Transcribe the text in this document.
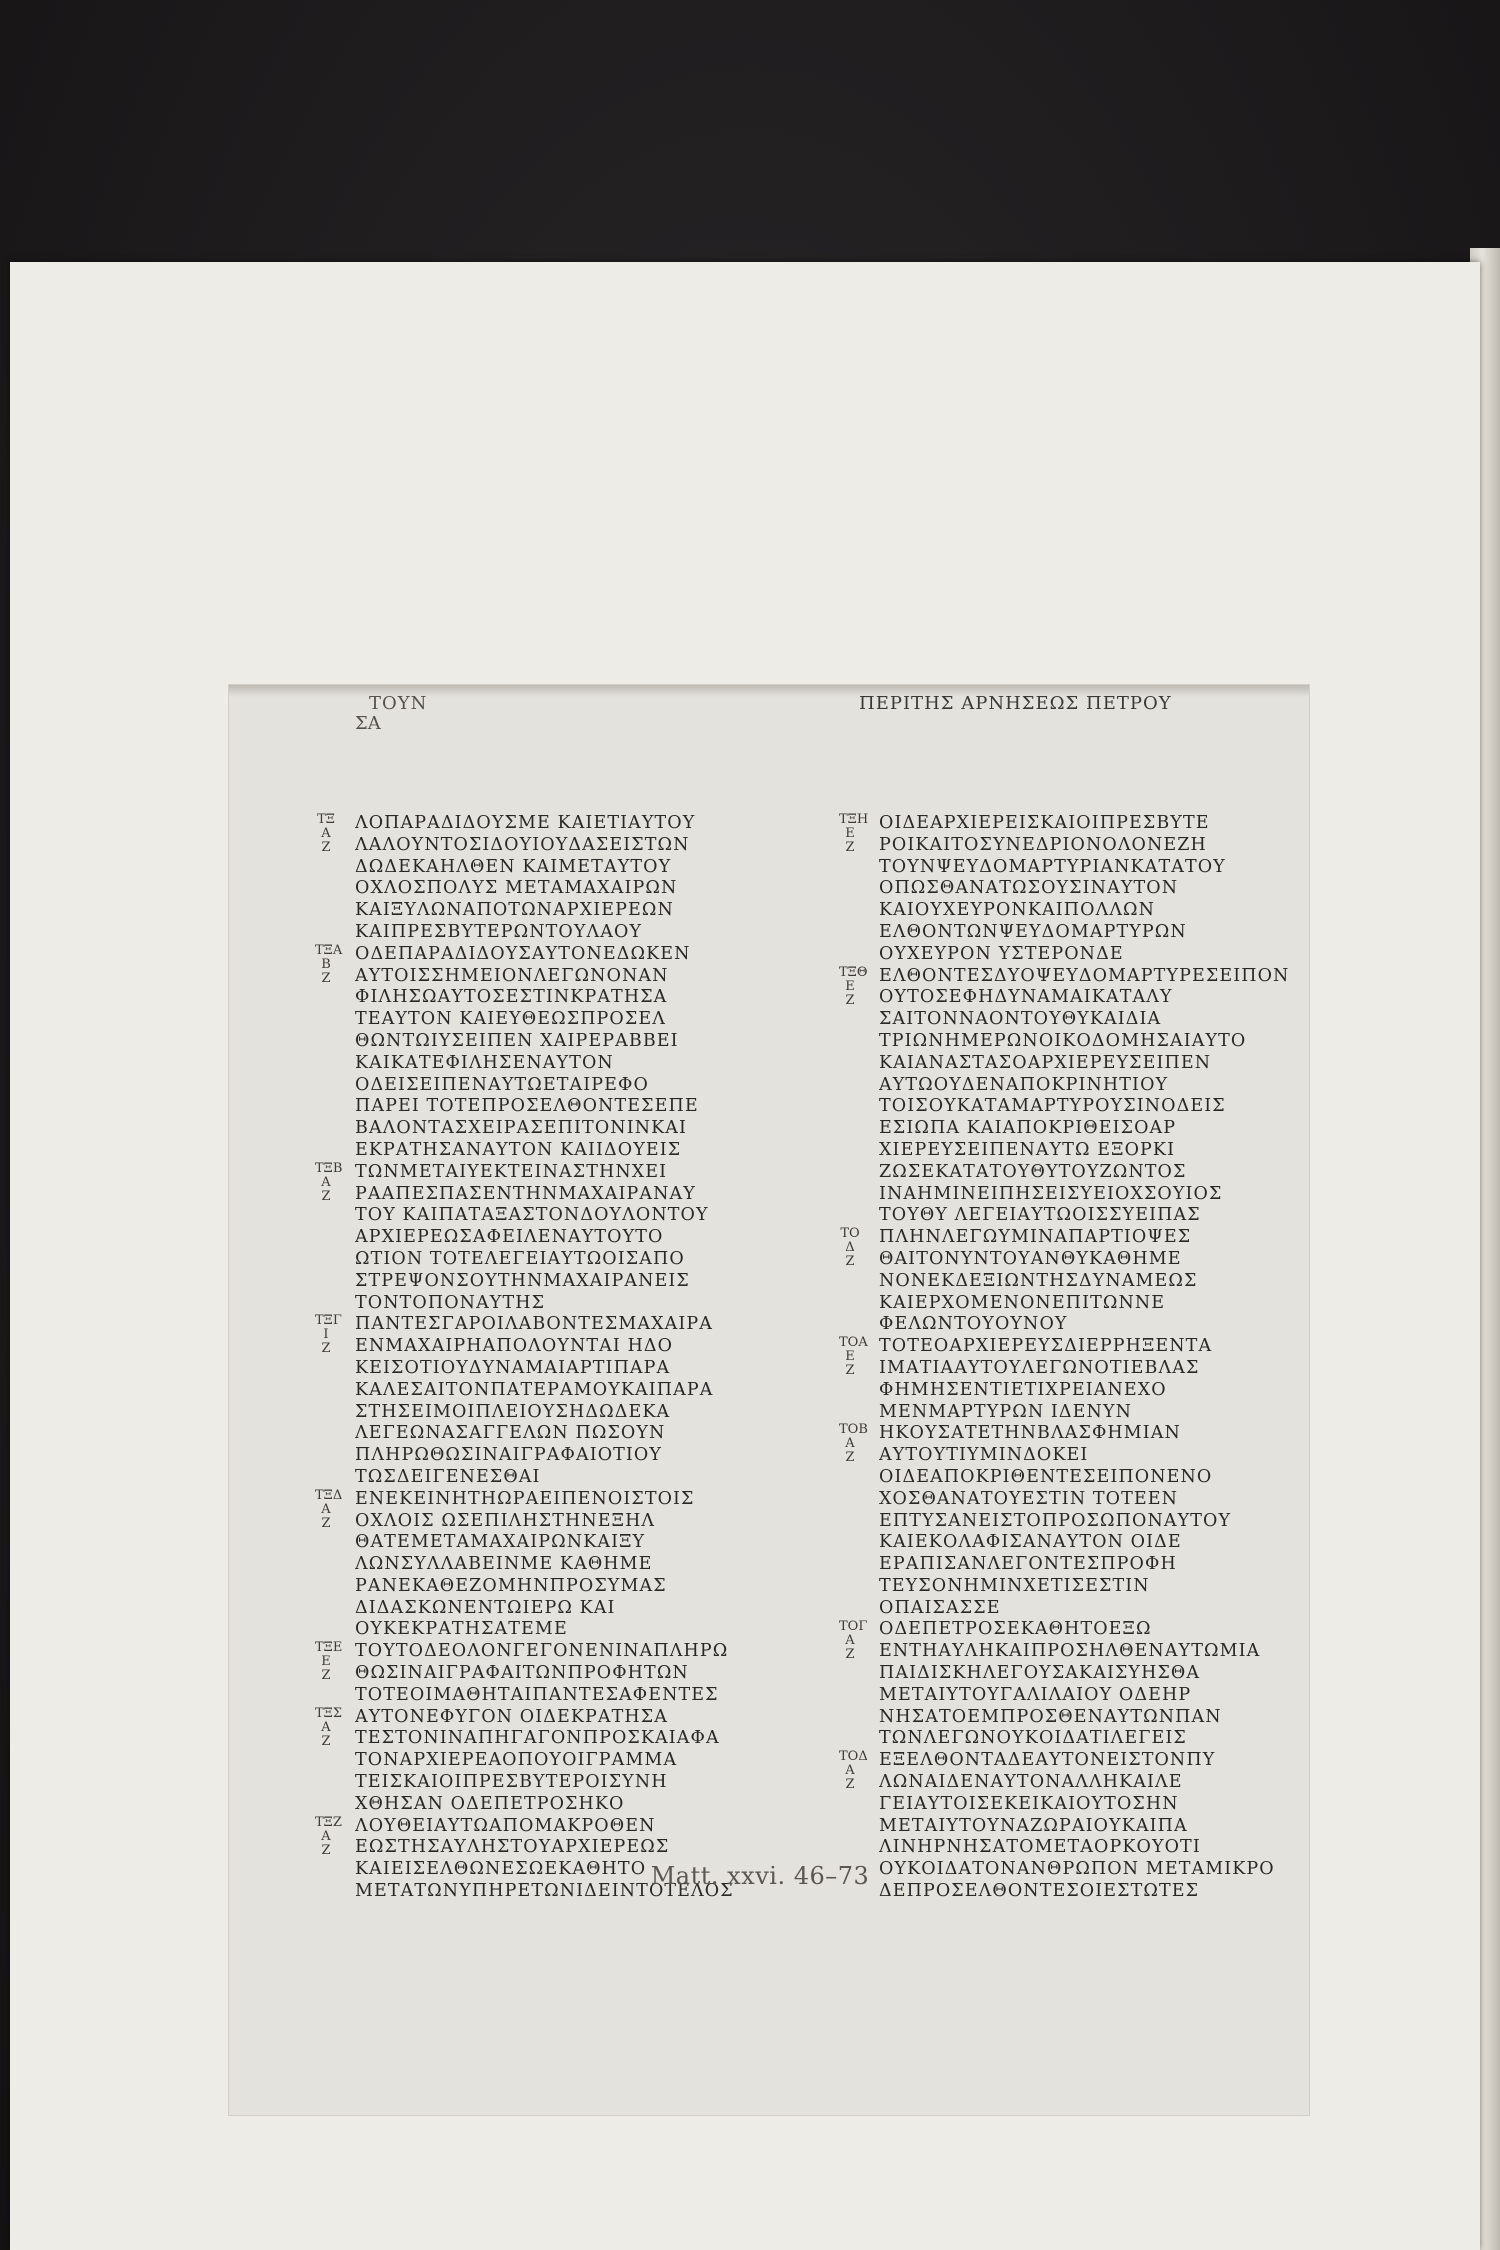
ΤΟΥΝ	ΠΕΡΙΤΗΣ ΑΡΝΗΣΕΩΣ ΠΕΤΡΟΥ
ΣΑ
ΛΟΠΑΡΑΔΙΔΟΥΣΜΕ ΚΑΙΕΤΙΑΥΤΟΥ
ΛΑΛΟΥΝΤΟΣΙΔΟΥΙΟΥΔΑΣΕΙΣΤΩΝ
ΔΩΔΕΚΑΗΛΘΕΝ ΚΑΙΜΕΤΑΥΤΟΥ
ΟΧΛΟΣΠΟΛΥΣ ΜΕΤΑΜΑΧΑΙΡΩΝ
ΚΑΙΞΥΛΩΝΑΠΟΤΩΝΑΡΧΙΕΡΕΩΝ
ΚΑΙΠΡΕΣΒΥΤΕΡΩΝΤΟΥΛΑΟΥ
ΟΔΕΠΑΡΑΔΙΔΟΥΣΑΥΤΟΝΕΔΩΚΕΝ
ΑΥΤΟΙΣΣΗΜΕΙΟΝΛΕΓΩΝΟΝΑΝ
ΦΙΛΗΣΩΑΥΤΟΣΕΣΤΙΝΚΡΑΤΗΣΑ
ΤΕΑΥΤΟΝ ΚΑΙΕΥΘΕΩΣΠΡΟΣΕΛ
ΘΩΝΤΩΙΥΣΕΙΠΕΝ ΧΑΙΡΕΡΑΒΒΕΙ
ΚΑΙΚΑΤΕΦΙΛΗΣΕΝΑΥΤΟΝ
ΟΔΕΙΣΕΙΠΕΝΑΥΤΩΕΤΑΙΡΕΦΟ
ΠΑΡΕΙ ΤΟΤΕΠΡΟΣΕΛΘΟΝΤΕΣΕΠΕ
ΒΑΛΟΝΤΑΣΧΕΙΡΑΣΕΠΙΤΟΝΙΝΚΑΙ
ΕΚΡΑΤΗΣΑΝΑΥΤΟΝ ΚΑΙΙΔΟΥΕΙΣ
ΤΩΝΜΕΤΑΙΥΕΚΤΕΙΝΑΣΤΗΝΧΕΙ
ΡΑΑΠΕΣΠΑΣΕΝΤΗΝΜΑΧΑΙΡΑΝΑΥ
ΤΟΥ ΚΑΙΠΑΤΑΞΑΣΤΟΝΔΟΥΛΟΝΤΟΥ
ΑΡΧΙΕΡΕΩΣΑΦΕΙΛΕΝΑΥΤΟΥΤΟ
ΩΤΙΟΝ ΤΟΤΕΛΕΓΕΙΑΥΤΩΟΙΣΑΠΟ
ΣΤΡΕΨΟΝΣΟΥΤΗΝΜΑΧΑΙΡΑΝΕΙΣ
ΤΟΝΤΟΠΟΝΑΥΤΗΣ
ΠΑΝΤΕΣΓΑΡΟΙΛΑΒΟΝΤΕΣΜΑΧΑΙΡΑ
ΕΝΜΑΧΑΙΡΗΑΠΟΛΟΥΝΤΑΙ ΗΔΟ
ΚΕΙΣΟΤΙΟΥΔΥΝΑΜΑΙΑΡΤΙΠΑΡΑ
ΚΑΛΕΣΑΙΤΟΝΠΑΤΕΡΑΜΟΥΚΑΙΠΑΡΑ
ΣΤΗΣΕΙΜΟΙΠΛΕΙΟΥΣΗΔΩΔΕΚΑ
ΛΕΓΕΩΝΑΣΑΓΓΕΛΩΝ ΠΩΣΟΥΝ
ΠΛΗΡΩΘΩΣΙΝΑΙΓΡΑΦΑΙΟΤΙΟΥ
ΤΩΣΔΕΙΓΕΝΕΣΘΑΙ
ΕΝΕΚΕΙΝΗΤΗΩΡΑΕΙΠΕΝΟΙΣΤΟΙΣ
ΟΧΛΟΙΣ ΩΣΕΠΙΛΗΣΤΗΝΕΞΗΛ
ΘΑΤΕΜΕΤΑΜΑΧΑΙΡΩΝΚΑΙΞΥ
ΛΩΝΣΥΛΛΑΒΕΙΝΜΕ ΚΑΘΗΜΕ
ΡΑΝΕΚΑΘΕΖΟΜΗΝΠΡΟΣΥΜΑΣ
ΔΙΔΑΣΚΩΝΕΝΤΩΙΕΡΩ ΚΑΙ
ΟΥΚΕΚΡΑΤΗΣΑΤΕΜΕ
ΤΟΥΤΟΔΕΟΛΟΝΓΕΓΟΝΕΝΙΝΑΠΛΗΡΩ
ΘΩΣΙΝΑΙΓΡΑΦΑΙΤΩΝΠΡΟΦΗΤΩΝ
ΤΟΤΕΟΙΜΑΘΗΤΑΙΠΑΝΤΕΣΑΦΕΝΤΕΣ
ΑΥΤΟΝΕΦΥΓΟΝ ΟΙΔΕΚΡΑΤΗΣΑ
ΤΕΣΤΟΝΙΝΑΠΗΓΑΓΟΝΠΡΟΣΚΑΙΑΦΑ
ΤΟΝΑΡΧΙΕΡΕΑΟΠΟΥΟΙΓΡΑΜΜΑ
ΤΕΙΣΚΑΙΟΙΠΡΕΣΒΥΤΕΡΟΙΣΥΝΗ
ΧΘΗΣΑΝ ΟΔΕΠΕΤΡΟΣΗΚΟ
ΛΟΥΘΕΙΑΥΤΩΑΠΟΜΑΚΡΟΘΕΝ
ΕΩΣΤΗΣΑΥΛΗΣΤΟΥΑΡΧΙΕΡΕΩΣ
ΚΑΙΕΙΣΕΛΘΩΝΕΣΩΕΚΑΘΗΤΟ
ΜΕΤΑΤΩΝΥΠΗΡΕΤΩΝΙΔΕΙΝΤΟΤΕΛΟΣ
ΟΙΔΕΑΡΧΙΕΡΕΙΣΚΑΙΟΙΠΡΕΣΒΥΤΕ
ΡΟΙΚΑΙΤΟΣΥΝΕΔΡΙΟΝΟΛΟΝΕΖΗ
ΤΟΥΝΨΕΥΔΟΜΑΡΤΥΡΙΑΝΚΑΤΑΤΟΥ
ΟΠΩΣΘΑΝΑΤΩΣΟΥΣΙΝΑΥΤΟΝ
ΚΑΙΟΥΧΕΥΡΟΝΚΑΙΠΟΛΛΩΝ
ΕΛΘΟΝΤΩΝΨΕΥΔΟΜΑΡΤΥΡΩΝ
ΟΥΧΕΥΡΟΝ ΥΣΤΕΡΟΝΔΕ
ΕΛΘΟΝΤΕΣΔΥΟΨΕΥΔΟΜΑΡΤΥΡΕΣΕΙΠΟΝ
ΟΥΤΟΣΕΦΗΔΥΝΑΜΑΙΚΑΤΑΛΥ
ΣΑΙΤΟΝΝΑΟΝΤΟΥΘΥΚΑΙΔΙΑ
ΤΡΙΩΝΗΜΕΡΩΝΟΙΚΟΔΟΜΗΣΑΙΑΥΤΟ
ΚΑΙΑΝΑΣΤΑΣΟΑΡΧΙΕΡΕΥΣΕΙΠΕΝ
ΑΥΤΩΟΥΔΕΝΑΠΟΚΡΙΝΗΤΙΟΥ
ΤΟΙΣΟΥΚΑΤΑΜΑΡΤΥΡΟΥΣΙΝΟΔΕΙΣ
ΕΣΙΩΠΑ ΚΑΙΑΠΟΚΡΙΘΕΙΣΟΑΡ
ΧΙΕΡΕΥΣΕΙΠΕΝΑΥΤΩ ΕΞΟΡΚΙ
ΖΩΣΕΚΑΤΑΤΟΥΘΥΤΟΥΖΩΝΤΟΣ
ΙΝΑΗΜΙΝΕΙΠΗΣΕΙΣΥΕΙΟΧΣΟΥΙΟΣ
ΤΟΥΘΥ ΛΕΓΕΙΑΥΤΩΟΙΣΣΥΕΙΠΑΣ
ΠΛΗΝΛΕΓΩΥΜΙΝΑΠΑΡΤΙΟΨΕΣ
ΘΑΙΤΟΝΥΝΤΟΥΑΝΘΥΚΑΘΗΜΕ
ΝΟΝΕΚΔΕΞΙΩΝΤΗΣΔΥΝΑΜΕΩΣ
ΚΑΙΕΡΧΟΜΕΝΟΝΕΠΙΤΩΝΝΕ
ΦΕΛΩΝΤΟΥΟΥΝΟΥ
ΤΟΤΕΟΑΡΧΙΕΡΕΥΣΔΙΕΡΡΗΞΕΝΤΑ
ΙΜΑΤΙΑΑΥΤΟΥΛΕΓΩΝΟΤΙΕΒΛΑΣ
ΦΗΜΗΣΕΝΤΙΕΤΙΧΡΕΙΑΝΕΧΟ
ΜΕΝΜΑΡΤΥΡΩΝ ΙΔΕΝΥΝ
ΗΚΟΥΣΑΤΕΤΗΝΒΛΑΣΦΗΜΙΑΝ
ΑΥΤΟΥΤΙΥΜΙΝΔΟΚΕΙ
ΟΙΔΕΑΠΟΚΡΙΘΕΝΤΕΣΕΙΠΟΝΕΝΟ
ΧΟΣΘΑΝΑΤΟΥΕΣΤΙΝ ΤΟΤΕΕΝ
ΕΠΤΥΣΑΝΕΙΣΤΟΠΡΟΣΩΠΟΝΑΥΤΟΥ
ΚΑΙΕΚΟΛΑΦΙΣΑΝΑΥΤΟΝ ΟΙΔΕ
ΕΡΑΠΙΣΑΝΛΕΓΟΝΤΕΣΠΡΟΦΗ
ΤΕΥΣΟΝΗΜΙΝΧΕΤΙΣΕΣΤΙΝ
ΟΠΑΙΣΑΣΣΕ
ΟΔΕΠΕΤΡΟΣΕΚΑΘΗΤΟΕΞΩ
ΕΝΤΗΑΥΛΗΚΑΙΠΡΟΣΗΛΘΕΝΑΥΤΩΜΙΑ
ΠΑΙΔΙΣΚΗΛΕΓΟΥΣΑΚΑΙΣΥΗΣΘΑ
ΜΕΤΑΙΥΤΟΥΓΑΛΙΛΑΙΟΥ ΟΔΕΗΡ
ΝΗΣΑΤΟΕΜΠΡΟΣΘΕΝΑΥΤΩΝΠΑΝ
ΤΩΝΛΕΓΩΝΟΥΚΟΙΔΑΤΙΛΕΓΕΙΣ
ΕΞΕΛΘΟΝΤΑΔΕΑΥΤΟΝΕΙΣΤΟΝΠΥ
ΛΩΝΑΙΔΕΝΑΥΤΟΝΑΛΛΗΚΑΙΛΕ
ΓΕΙΑΥΤΟΙΣΕΚΕΙΚΑΙΟΥΤΟΣΗΝ
ΜΕΤΑΙΥΤΟΥΝΑΖΩΡΑΙΟΥΚΑΙΠΑ
ΛΙΝΗΡΝΗΣΑΤΟΜΕΤΑΟΡΚΟΥΟΤΙ
ΟΥΚΟΙΔΑΤΟΝΑΝΘΡΩΠΟΝ ΜΕΤΑΜΙΚΡΟ
ΔΕΠΡΟΣΕΛΘΟΝΤΕΣΟΙΕΣΤΩΤΕΣ
ΤΞ
Α
Ζ
ΤΞΑ
Β
Ζ
ΤΞΒ
Α
Ζ
ΤΞΓ
Ι
Ζ
ΤΞΔ
Α
Ζ
ΤΞΕ
Ε
Ζ
ΤΞΣ
Α
Ζ
ΤΞΖ
Α
Ζ
ΤΞΗ
Ε
Ζ
ΤΞΘ
Ε
Ζ
ΤΟ
Δ
Ζ
ΤΟΑ
Ε
Ζ
ΤΟΒ
Α
Ζ
ΤΟΓ
Α
Ζ
ΤΟΔ
Α
Ζ
Matt. xxvi. 46–73
